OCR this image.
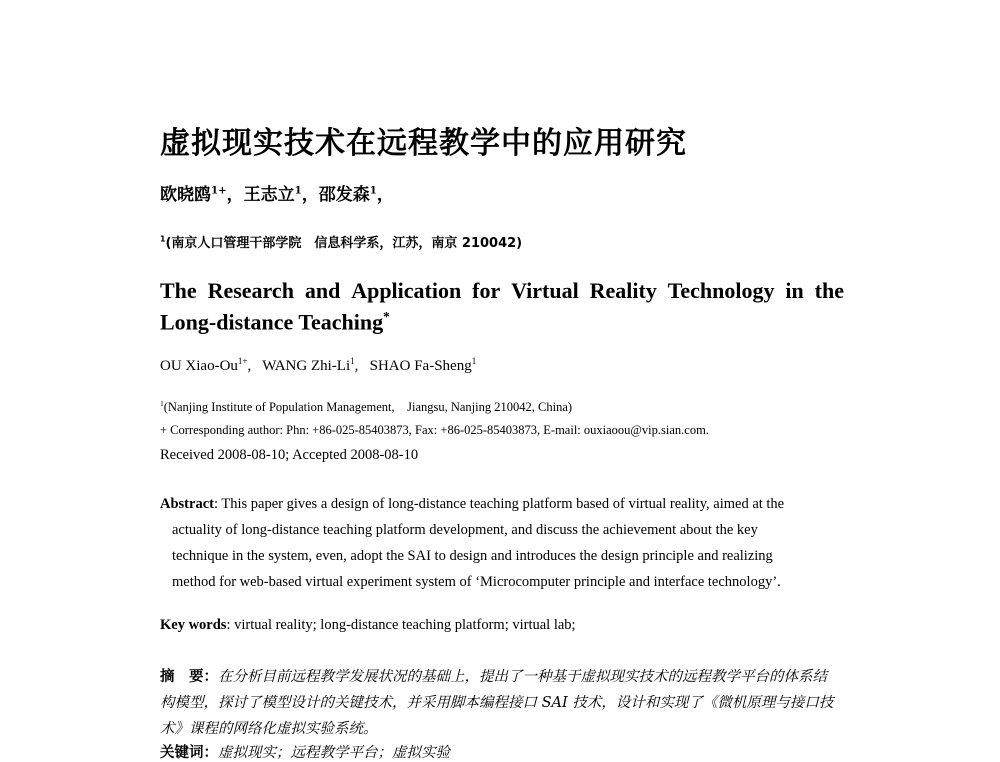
虚拟现实技术在远程教学中的应用研究
欧晓鸥$^{1+}$，王志立$^1$，邵发森$^1$，
$^1$(南京人口管理干部学院　信息科学系，江苏，南京 210042)
The Research and Application for Virtual Reality Technology in the
Long-distance Teaching*
OU Xiao-$Ou^{1+}$,   WANG Zhi-Li$^1$,   SHAO Fa-Sheng$^1$
$^1$(Nanjing Institute of Population Management,　Jiangsu, Nanjing 210042, China)
+ Corresponding author: Phn: +86-025-85403873, Fax: +86-025-85403873, E-mail: ouxiaoou@vip.sian.com.
Received 2008-08-10; Accepted 2008-08-10
Abstract: This paper gives a design of long-distance teaching platform based of virtual reality, aimed at the
actuality of long-distance teaching platform development, and discuss the achievement about the key
technique in the system, even, adopt the SAI to design and introduces the design principle and realizing
method for web-based virtual experiment system of ‘Microcomputer principle and interface technology’.
Key words: virtual reality; long-distance teaching platform; virtual lab;
摘　要：在分析目前远程教学发展状况的基础上，提出了一种基于虚拟现实技术的远程教学平台的体系结
构模型，探讨了模型设计的关键技术，并采用脚本编程接口 SAI 技术，设计和实现了《微机原理与接口技
术》课程的网络化虚拟实验系统。
关键词：虚拟现实；远程教学平台；虚拟实验
